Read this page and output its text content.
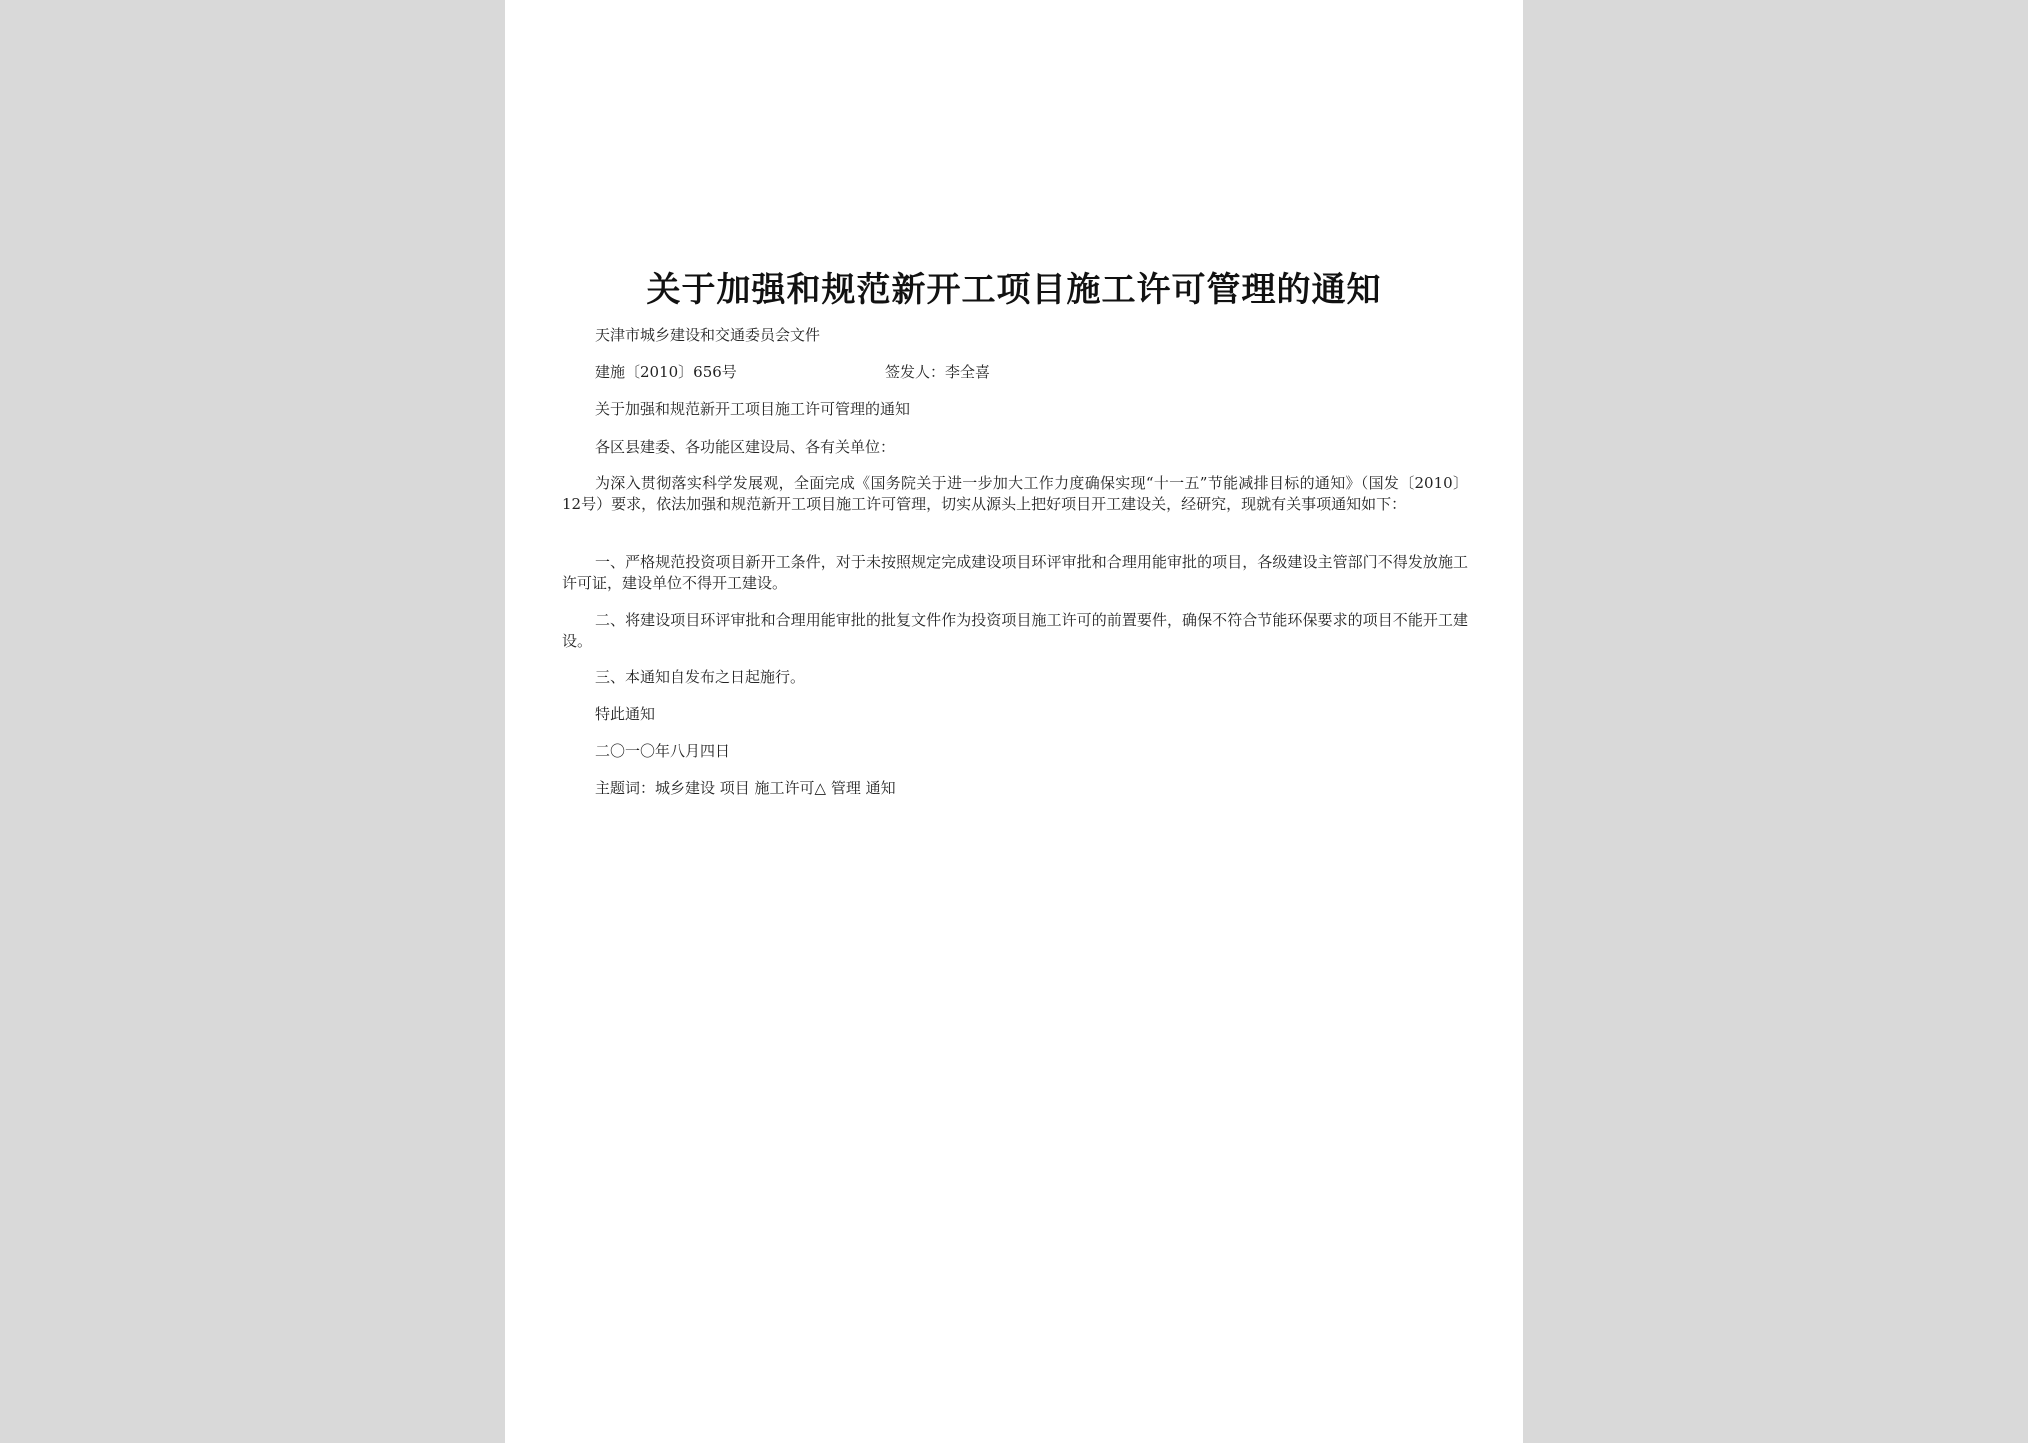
关于加强和规范新开工项目施工许可管理的通知
天津市城乡建设和交通委员会文件
建施〔2010〕656号	签发人：李全喜
关于加强和规范新开工项目施工许可管理的通知
各区县建委、各功能区建设局、各有关单位：
为深入贯彻落实科学发展观，全面完成《国务院关于进一步加大工作力度确保实现“十一五”节能减排目标的通知》（国发〔2010〕12号）要求，依法加强和规范新开工项目施工许可管理，切实从源头上把好项目开工建设关，经研究，现就有关事项通知如下：
一、严格规范投资项目新开工条件，对于未按照规定完成建设项目环评审批和合理用能审批的项目，各级建设主管部门不得发放施工许可证，建设单位不得开工建设。
二、将建设项目环评审批和合理用能审批的批复文件作为投资项目施工许可的前置要件，确保不符合节能环保要求的项目不能开工建设。
三、本通知自发布之日起施行。
特此通知
二〇一〇年八月四日
主题词：城乡建设 项目 施工许可△ 管理 通知
